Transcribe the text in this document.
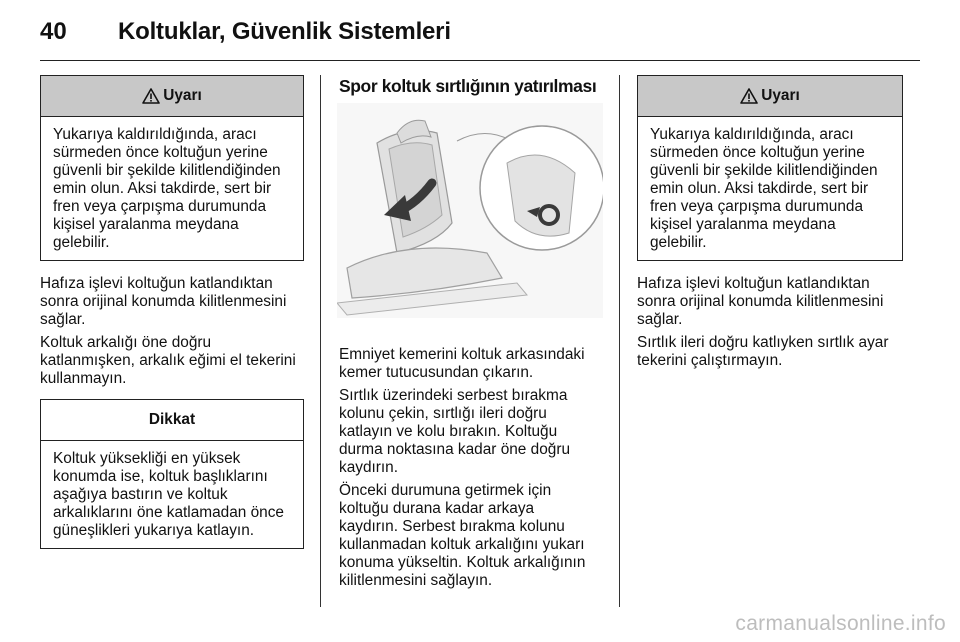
40	Koltuklar, Güvenlik Sistemleri
Uyarı
Yukarıya kaldırıldığında, aracı
sürmeden önce koltuğun yerine
güvenli bir şekilde kilitlendiğinden
emin olun. Aksi takdirde, sert bir
fren veya çarpışma durumunda
kişisel yaralanma meydana
gelebilir.

Hafıza işlevi koltuğun katlandıktan
sonra orijinal konumda kilitlenmesini
sağlar.

Koltuk arkalığı öne doğru
katlanmışken, arkalık eğimi el tekerini
kullanmayın.

Dikkat
Koltuk yüksekliği en yüksek
konumda ise, koltuk başlıklarını
aşağıya bastırın ve koltuk
arkalıklarını öne katlamadan önce
güneşlikleri yukarıya katlayın.
Spor koltuk sırtlığının yatırılması

Emniyet kemerini koltuk arkasındaki
kemer tutucusundan çıkarın.

Sırtlık üzerindeki serbest bırakma
kolunu çekin, sırtlığı ileri doğru
katlayın ve kolu bırakın. Koltuğu
durma noktasına kadar öne doğru
kaydırın.

Önceki durumuna getirmek için
koltuğu durana kadar arkaya
kaydırın. Serbest bırakma kolunu
kullanmadan koltuk arkalığını yukarı
konuma yükseltin. Koltuk arkalığının
kilitlenmesini sağlayın.

Uyarı
Yukarıya kaldırıldığında, aracı
sürmeden önce koltuğun yerine
güvenli bir şekilde kilitlendiğinden
emin olun. Aksi takdirde, sert bir
fren veya çarpışma durumunda
kişisel yaralanma meydana
gelebilir.

Hafıza işlevi koltuğun katlandıktan
sonra orijinal konumda kilitlenmesini
sağlar.

Sırtlık ileri doğru katlıyken sırtlık ayar
tekerini çalıştırmayın.

carmanualsonline.info
